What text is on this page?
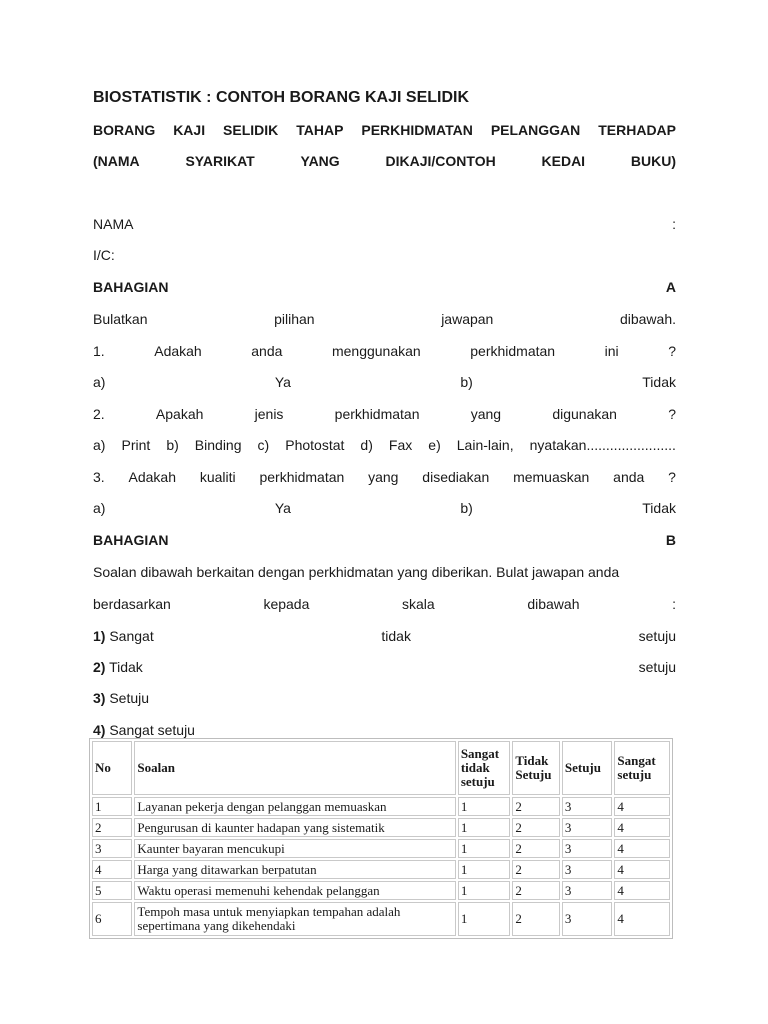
BIOSTATISTIK : CONTOH BORANG KAJI SELIDIK
BORANG KAJI SELIDIK TAHAP PERKHIDMATAN PELANGGAN TERHADAP
(NAMA	SYARIKAT	YANG	DIKAJI/CONTOH	KEDAI	BUKU)
NAMA	:
I/C:
BAHAGIAN	A
Bulatkan	pilihan	jawapan	dibawah.
1.	Adakah	anda	menggunakan	perkhidmatan	ini	?
a)	Ya	b)	Tidak
2.	Apakah	jenis	perkhidmatan	yang	digunakan	?
a) Print b) Binding c) Photostat d) Fax e) Lain-lain, nyatakan.......................
3. Adakah kualiti perkhidmatan yang disediakan memuaskan anda ?
a)	Ya	b)	Tidak
BAHAGIAN	B
Soalan dibawah berkaitan dengan perkhidmatan yang diberikan. Bulat jawapan anda
berdasarkan	kepada	skala	dibawah	:
1) Sangat	tidak	setuju
2) Tidak	setuju
3) Setuju
4) Sangat setuju
No	Soalan	Sangat tidak setuju	Tidak Setuju	Setuju	Sangat setuju
1	Layanan pekerja dengan pelanggan memuaskan	1	2	3	4
2	Pengurusan di kaunter hadapan yang sistematik	1	2	3	4
3	Kaunter bayaran mencukupi	1	2	3	4
4	Harga yang ditawarkan berpatutan	1	2	3	4
5	Waktu operasi memenuhi kehendak pelanggan	1	2	3	4
6	Tempoh masa untuk menyiapkan tempahan adalah sepertimana yang dikehendaki	1	2	3	4
